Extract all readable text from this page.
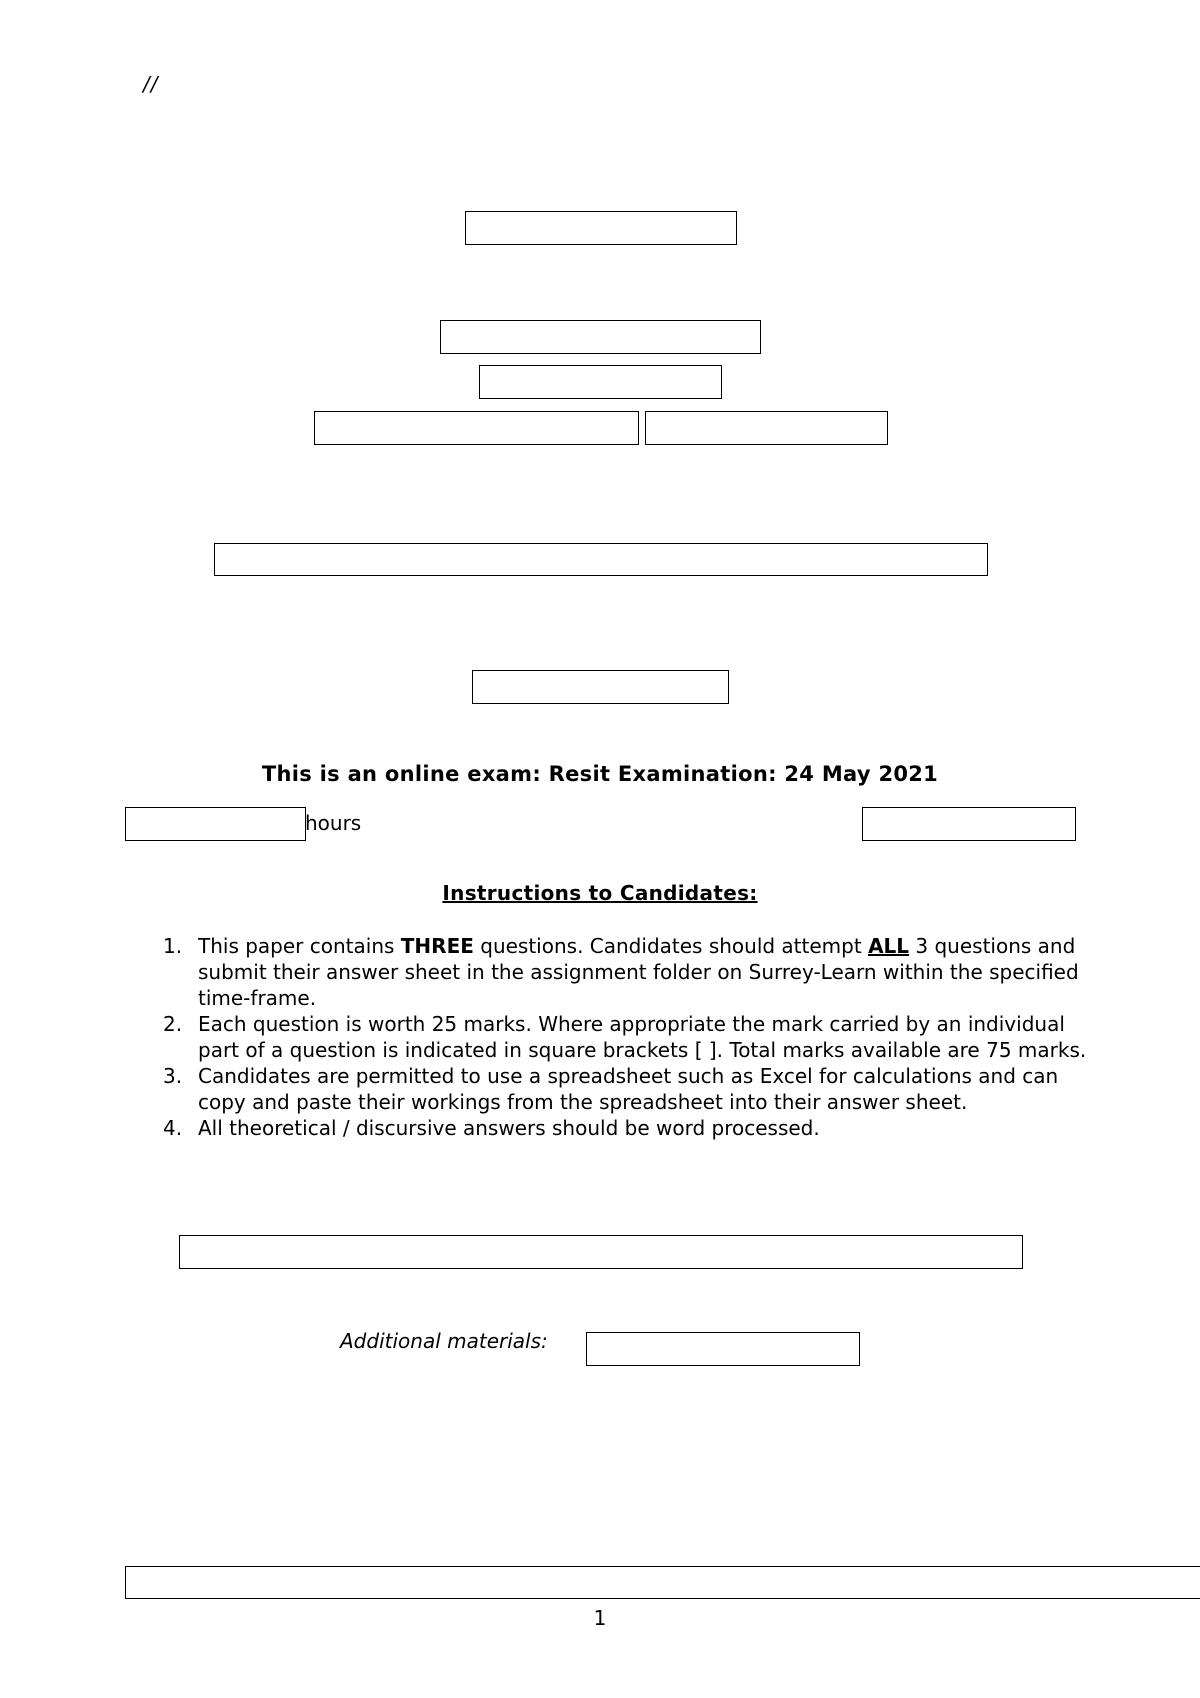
//
This is an online exam: Resit Examination: 24 May 2021
hours
Instructions to Candidates:
1. This paper contains THREE questions. Candidates should attempt ALL 3 questions and submit their answer sheet in the assignment folder on Surrey-Learn within the specified time-frame.
2. Each question is worth 25 marks. Where appropriate the mark carried by an individual part of a question is indicated in square brackets [ ]. Total marks available are 75 marks.
3. Candidates are permitted to use a spreadsheet such as Excel for calculations and can copy and paste their workings from the spreadsheet into their answer sheet.
4. All theoretical / discursive answers should be word processed.
Additional materials:
1
